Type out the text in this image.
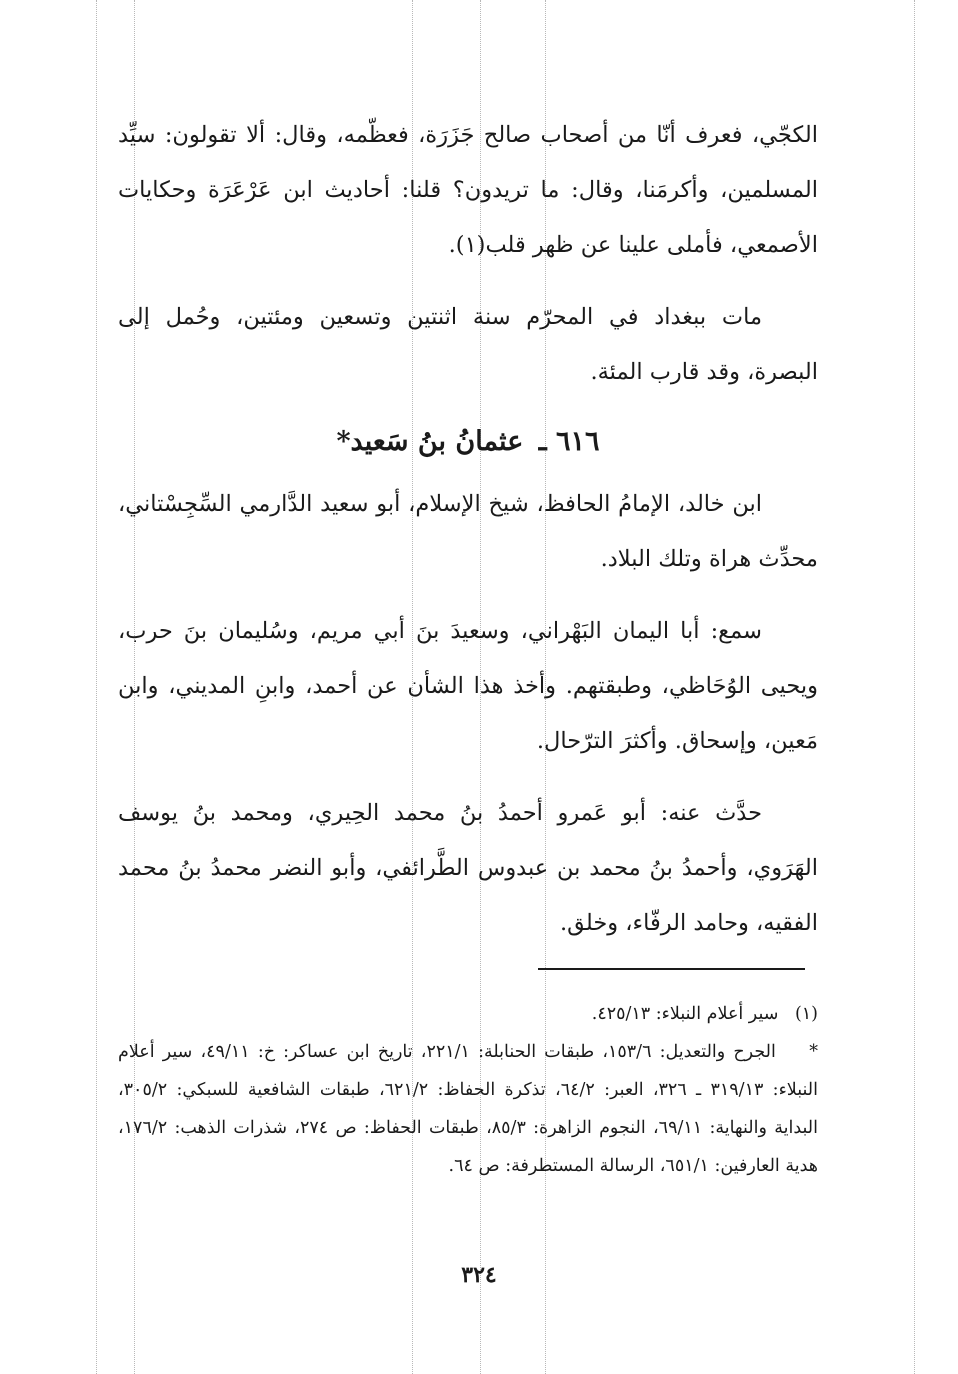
الكجّي، فعرف أنّا من أصحاب صالح جَزَرَة، فعظّمه، وقال: ألا تقولون: سيِّد المسلمين، وأكرمَنا، وقال: ما تريدون؟ قلنا: أحاديث ابن عَرْعَرَة وحكايات الأصمعي، فأملى علينا عن ظهر قلب(١).

مات ببغداد في المحرّم سنة اثنتين وتسعين ومئتين، وحُمل إلى البصرة، وقد قارب المئة.

٦١٦ ـ عثمانُ بنُ سَعيد*

ابن خالد، الإمامُ الحافظ، شيخ الإسلام، أبو سعيد الدَّارمي السِّجِسْتاني، محدِّث هراة وتلك البلاد.

سمع: أبا اليمان البَهْراني، وسعيدَ بنَ أبي مريم، وسُليمان بنَ حرب، ويحيى الوُحَاظي، وطبقتهم. وأخذ هذا الشأن عن أحمد، وابنِ المديني، وابن مَعين، وإسحاق. وأكثرَ الترّحال.

حدَّث عنه: أبو عَمرو أحمدُ بنُ محمد الحِيري، ومحمد بنُ يوسف الهَرَوي، وأحمدُ بنُ محمد بن عبدوس الطَّرائفي، وأبو النضر محمدُ بنُ محمد الفقيه، وحامد الرفّاء، وخلق.

(١) سير أعلام النبلاء: ٤٢٥/١٣.

* الجرح والتعديل: ١٥٣/٦، طبقات الحنابلة: ٢٢١/١، تاريخ ابن عساكر: خ: ٤٩/١١، سير أعلام النبلاء: ٣١٩/١٣ ـ ٣٢٦، العبر: ٦٤/٢، تذكرة الحفاظ: ٦٢١/٢، طبقات الشافعية للسبكي: ٣٠٥/٢، البداية والنهاية: ٦٩/١١، النجوم الزاهرة: ٨٥/٣، طبقات الحفاظ: ص ٢٧٤، شذرات الذهب: ١٧٦/٢، هدية العارفين: ٦٥١/١، الرسالة المستطرفة: ص ٦٤.

٣٢٤
